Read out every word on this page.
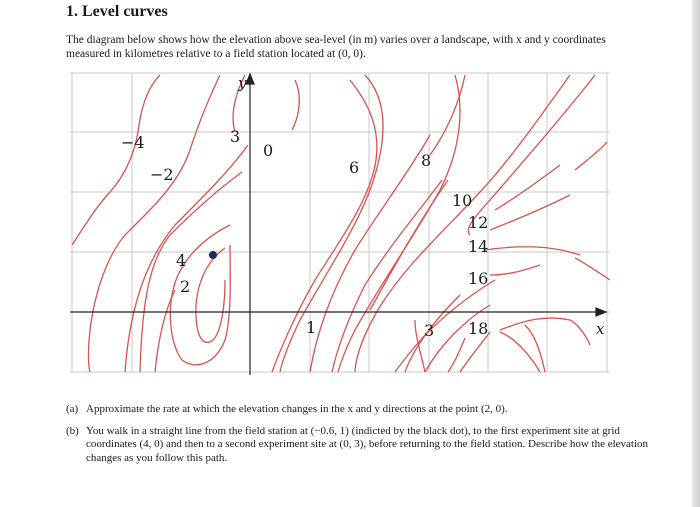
1. Level curves
The diagram below shows how the elevation above sea-level (in m) varies over a landscape, with x and y coordinates measured in kilometres relative to a field station located at (0, 0).
y
x
−4	3
0
−2	6	8
10
12
14
16
18
4
2
1	3
(a) Approximate the rate at which the elevation changes in the x and y directions at the point (2, 0).
(b) You walk in a straight line from the field station at (−0.6, 1) (indicted by the black dot), to the first experiment site at grid coordinates (4, 0) and then to a second experiment site at (0, 3), before returning to the field station. Describe how the elevation changes as you follow this path.
